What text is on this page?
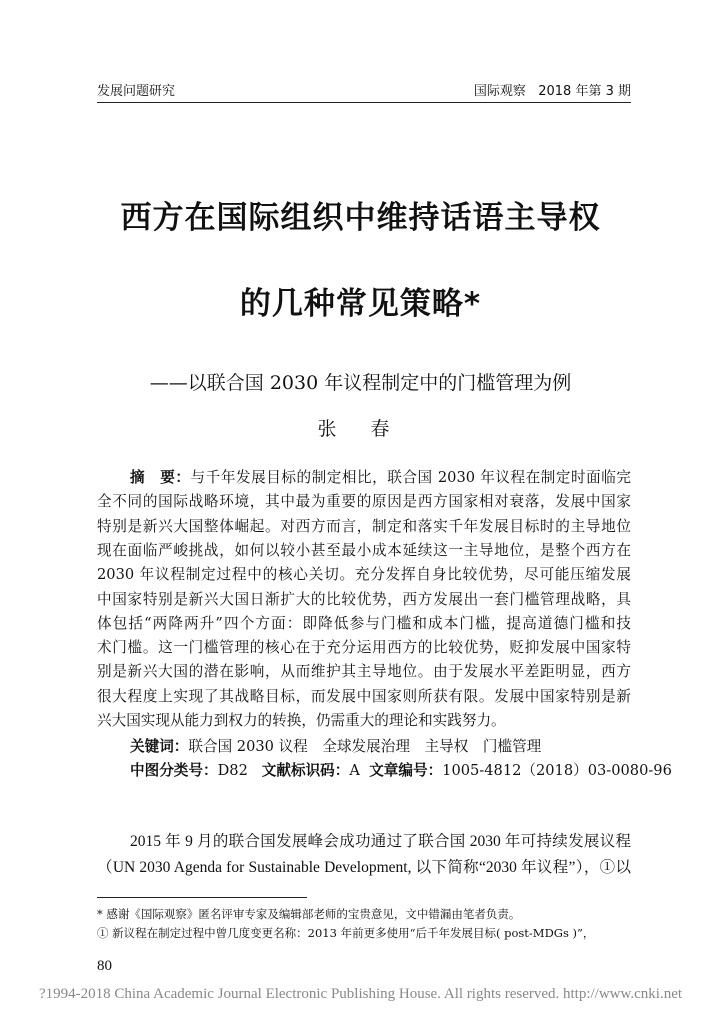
发展问题研究	国际观察 2018 年第 3 期
西方在国际组织中维持话语主导权
的几种常见策略*
——以联合国 2030 年议程制定中的门槛管理为例
张 春
摘　要：与千年发展目标的制定相比，联合国 2030 年议程在制定时面临完
全不同的国际战略环境，其中最为重要的原因是西方国家相对衰落，发展中国家
特别是新兴大国整体崛起。对西方而言，制定和落实千年发展目标时的主导地位
现在面临严峻挑战，如何以较小甚至最小成本延续这一主导地位，是整个西方在
2030 年议程制定过程中的核心关切。充分发挥自身比较优势，尽可能压缩发展
中国家特别是新兴大国日渐扩大的比较优势，西方发展出一套门槛管理战略，具
体包括“两降两升”四个方面：即降低参与门槛和成本门槛，提高道德门槛和技
术门槛。这一门槛管理的核心在于充分运用西方的比较优势，贬抑发展中国家特
别是新兴大国的潜在影响，从而维护其主导地位。由于发展水平差距明显，西方
很大程度上实现了其战略目标，而发展中国家则所获有限。发展中国家特别是新
兴大国实现从能力到权力的转换，仍需重大的理论和实践努力。
关键词：联合国 2030 议程　全球发展治理　主导权　门槛管理
中图分类号：D82 文献标识码：A 文章编号：1005-4812（2018）03-0080-96
2015 年 9 月的联合国发展峰会成功通过了联合国 2030 年可持续发展议程
（UN 2030 Agenda for Sustainable Development, 以下简称“2030 年议程”），①以
* 感谢《国际观察》匿名评审专家及编辑部老师的宝贵意见，文中错漏由笔者负责。
① 新议程在制定过程中曾几度变更名称：2013 年前更多使用“后千年发展目标( post-MDGs )”，
80
?1994-2018 China Academic Journal Electronic Publishing House. All rights reserved. http://www.cnki.net
